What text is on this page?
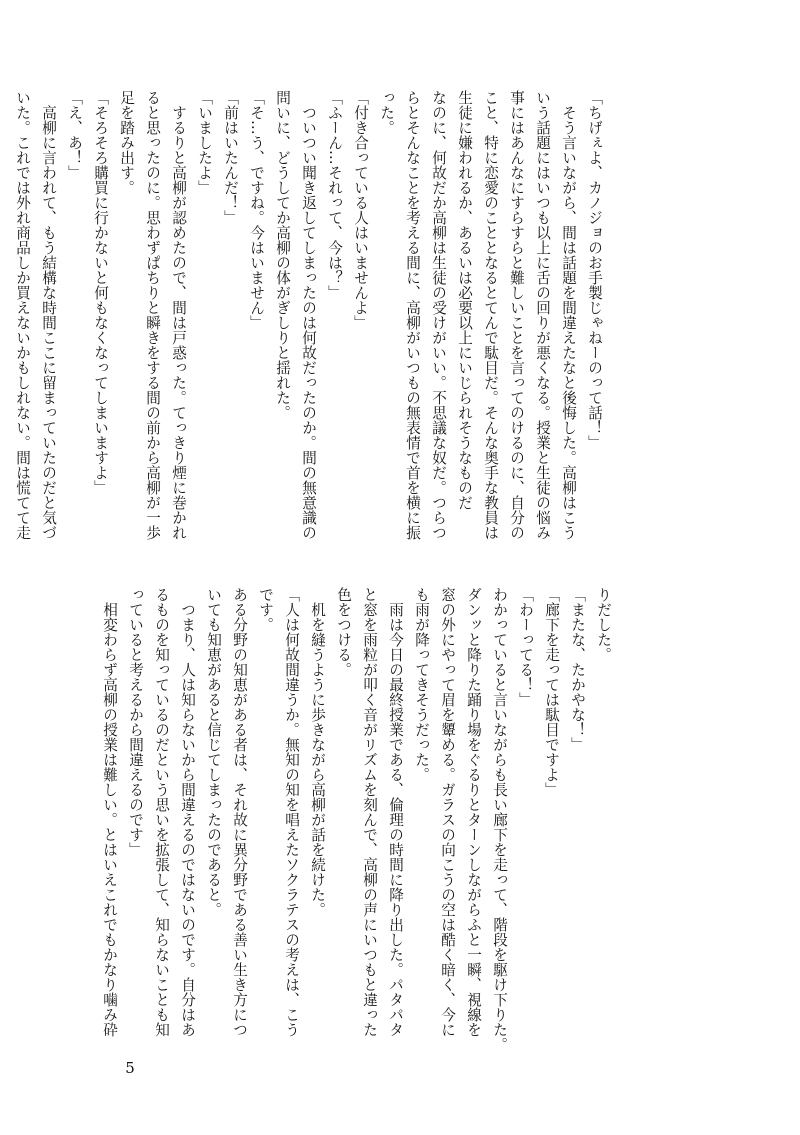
「ちげぇよ、カノジョのお手製じゃねーのって話！」
　そう言いながら、間は話題を間違えたなと後悔した。高柳はこう
いう話題にはいつも以上に舌の回りが悪くなる。授業と生徒の悩み
事にはあんなにすらすらと難しいことを言ってのけるのに、自分の
こと、特に恋愛のこととなるとてんで駄目だ。そんな奥手な教員は
生徒に嫌われるか、あるいは必要以上にいじられそうなものだ
なのに、何故だか高柳は生徒の受けがいい。不思議な奴だ。つらつ
らとそんなことを考える間に、高柳がいつもの無表情で首を横に振
った。
「付き合っている人はいませんよ」
「ふーん…それって、今は？」
　ついつい聞き返してしまったのは何故だったのか。間の無意識の
問いに、どうしてか高柳の体がぎしりと揺れた。
「そ…う、ですね。今はいません」
「前はいたんだ！」
「いましたよ」
　するりと高柳が認めたので、間は戸惑った。てっきり煙に巻かれ
ると思ったのに。思わずぱちりと瞬きをする間の前から高柳が一歩
足を踏み出す。
「そろそろ購買に行かないと何もなくなってしまいますよ」
「え、あ！」
　高柳に言われて、もう結構な時間ここに留まっていたのだと気づ
いた。これでは外れ商品しか買えないかもしれない。間は慌てて走
りだした。
「またな、たかやな！」
「廊下を走っては駄目ですよ」
「わーってる！」
わかっていると言いながらも長い廊下を走って、階段を駆け下りた。
ダンッと降りた踊り場をぐるりとターンしながらふと一瞬、視線を
窓の外にやって眉を顰める。ガラスの向こうの空は酷く暗く、今に
も雨が降ってきそうだった。
　雨は今日の最終授業である、倫理の時間に降り出した。パタパタ
と窓を雨粒が叩く音がリズムを刻んで、高柳の声にいつもと違った
色をつける。
　机を縫うように歩きながら高柳が話を続けた。
「人は何故間違うか。無知の知を唱えたソクラテスの考えは、こう
です。
ある分野の知恵がある者は、それ故に異分野である善い生き方につ
いても知恵があると信じてしまったのであると。
　つまり、人は知らないから間違えるのではないのです。自分はあ
るものを知っているのだという思いを拡張して、知らないことも知
っていると考えるから間違えるのです」
　相変わらず高柳の授業は難しい。とはいえこれでもかなり噛み砕
5
